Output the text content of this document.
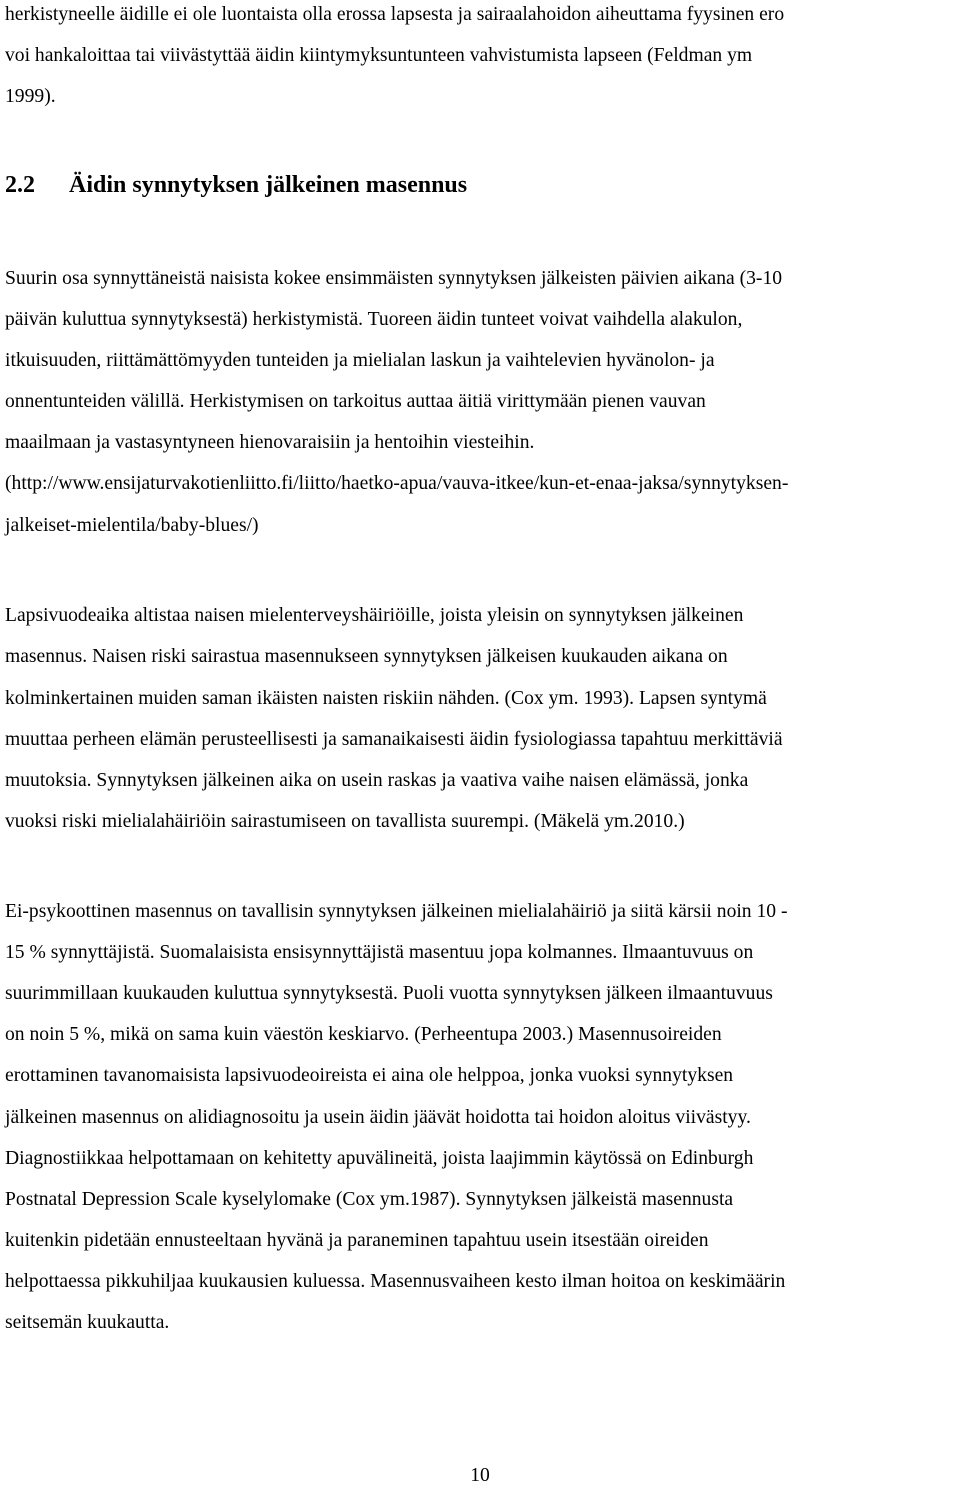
herkistyneelle äidille ei ole luontaista olla erossa lapsesta ja sairaalahoidon aiheuttama fyysinen ero
voi hankaloittaa tai viivästyttää äidin kiintymyksuntunteen vahvistumista lapseen (Feldman ym
1999).
2.2 Äidin synnytyksen jälkeinen masennus
Suurin osa synnyttäneistä naisista kokee ensimmäisten synnytyksen jälkeisten päivien aikana (3-10
päivän kuluttua synnytyksestä) herkistymistä. Tuoreen äidin tunteet voivat vaihdella alakulon,
itkuisuuden, riittämättömyyden tunteiden ja mielialan laskun ja vaihtelevien hyvänolon- ja
onnentunteiden välillä. Herkistymisen on tarkoitus auttaa äitiä virittymään pienen vauvan
maailmaan ja vastasyntyneen hienovaraisiin ja hentoihin viesteihin.
(http://www.ensijaturvakotienliitto.fi/liitto/haetko-apua/vauva-itkee/kun-et-enaa-jaksa/synnytyksen-
jalkeiset-mielentila/baby-blues/)
Lapsivuodeaika altistaa naisen mielenterveyshäiriöille, joista yleisin on synnytyksen jälkeinen
masennus. Naisen riski sairastua masennukseen synnytyksen jälkeisen kuukauden aikana on
kolminkertainen muiden saman ikäisten naisten riskiin nähden. (Cox ym. 1993). Lapsen syntymä
muuttaa perheen elämän perusteellisesti ja samanaikaisesti äidin fysiologiassa tapahtuu merkittäviä
muutoksia. Synnytyksen jälkeinen aika on usein raskas ja vaativa vaihe naisen elämässä, jonka
vuoksi riski mielialahäiriöin sairastumiseen on tavallista suurempi. (Mäkelä ym.2010.)
Ei-psykoottinen masennus on tavallisin synnytyksen jälkeinen mielialahäiriö ja siitä kärsii noin 10 -
15 % synnyttäjistä. Suomalaisista ensisynnyttäjistä masentuu jopa kolmannes. Ilmaantuvuus on
suurimmillaan kuukauden kuluttua synnytyksestä. Puoli vuotta synnytyksen jälkeen ilmaantuvuus
on noin 5 %, mikä on sama kuin väestön keskiarvo. (Perheentupa 2003.) Masennusoireiden
erottaminen tavanomaisista lapsivuodeoireista ei aina ole helppoa, jonka vuoksi synnytyksen
jälkeinen masennus on alidiagnosoitu ja usein äidin jäävät hoidotta tai hoidon aloitus viivästyy.
Diagnostiikkaa helpottamaan on kehitetty apuvälineitä, joista laajimmin käytössä on Edinburgh
Postnatal Depression Scale kyselylomake (Cox ym.1987). Synnytyksen jälkeistä masennusta
kuitenkin pidetään ennusteeltaan hyvänä ja paraneminen tapahtuu usein itsestään oireiden
helpottaessa pikkuhiljaa kuukausien kuluessa. Masennusvaiheen kesto ilman hoitoa on keskimäärin
seitsemän kuukautta.
10
